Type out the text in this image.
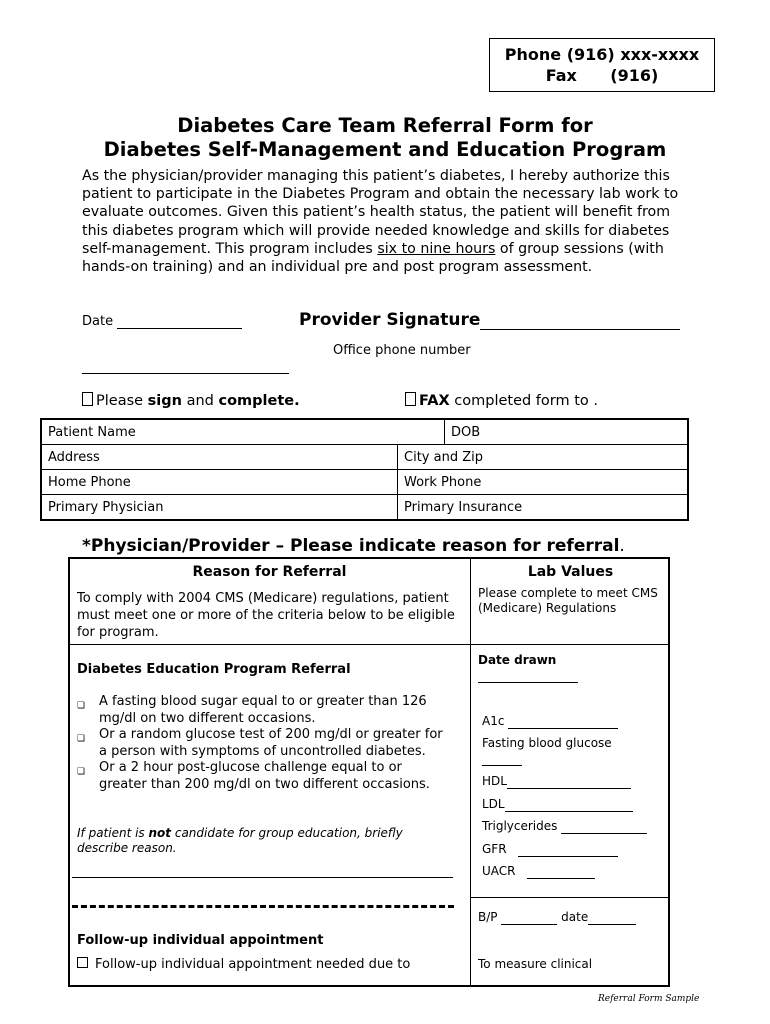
Phone (916) xxx-xxxx
Fax      (916)
Diabetes Care Team Referral Form for
Diabetes Self-Management and Education Program
As the physician/provider managing this patient’s diabetes, I hereby authorize this patient to participate in the Diabetes Program and obtain the necessary lab work to evaluate outcomes. Given this patient’s health status, the patient will benefit from this diabetes program which will provide needed knowledge and skills for diabetes self-management. This program includes six to nine hours of group sessions (with hands-on training) and an individual pre and post program assessment.
Date	Provider Signature
Office phone number
Please sign and complete.	FAX completed form to .
Patient Name		DOB
Address	City and Zip	
Home Phone	Work Phone	
Primary Physician	Primary Insurance	
*Physician/Provider – Please indicate reason for referral.
Reason for Referral
To comply with 2004 CMS (Medicare) regulations, patient must meet one or more of the criteria below to be eligible for program.
Diabetes Education Program Referral
❏ A fasting blood sugar equal to or greater than 126 mg/dl on two different occasions.
❏ Or a random glucose test of 200 mg/dl or greater for a person with symptoms of uncontrolled diabetes.
❏ Or a 2 hour post-glucose challenge equal to or greater than 200 mg/dl on two different occasions.
If patient is not candidate for group education, briefly describe reason.
Follow-up individual appointment
Follow-up individual appointment needed due to
Lab Values
Please complete to meet CMS (Medicare) Regulations
Date drawn
A1c
Fasting blood glucose
HDL
LDL
Triglycerides
GFR
UACR
B/P	date
To measure clinical
Referral Form Sample
